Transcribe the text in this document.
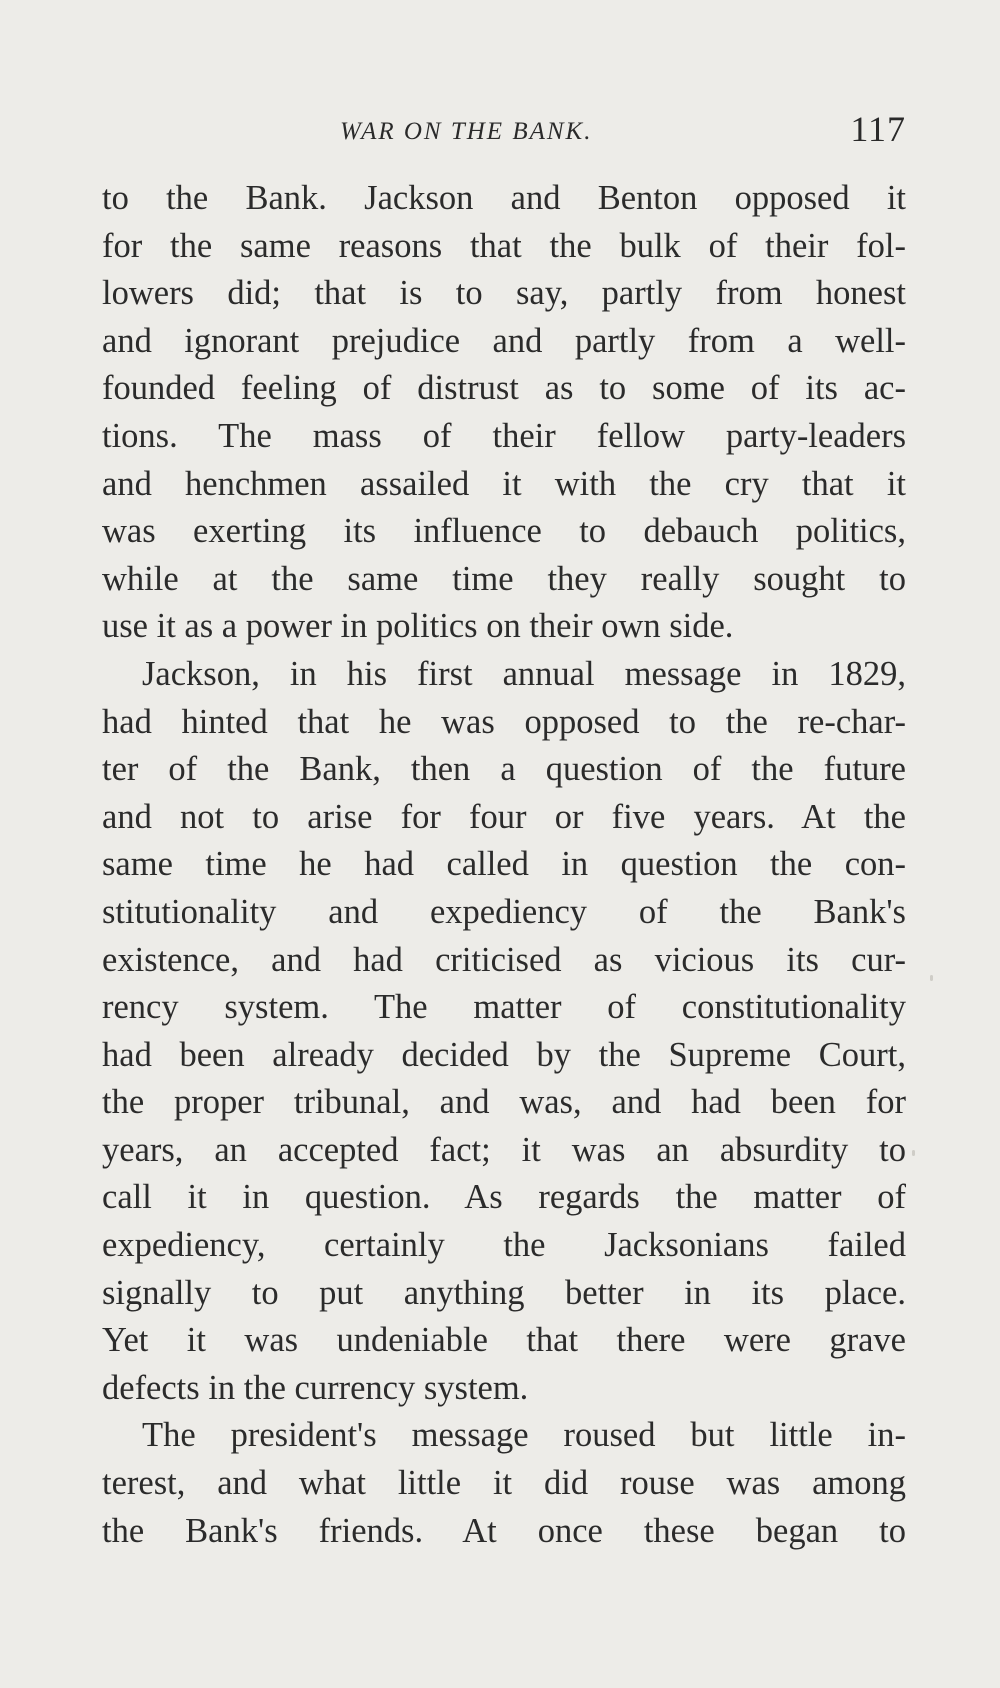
WAR ON THE BANK.	117
to the Bank. Jackson and Benton opposed it
for the same reasons that the bulk of their fol-
lowers did; that is to say, partly from honest
and ignorant prejudice and partly from a well-
founded feeling of distrust as to some of its ac-
tions. The mass of their fellow party-leaders
and henchmen assailed it with the cry that it
was exerting its influence to debauch politics,
while at the same time they really sought to
use it as a power in politics on their own side.
Jackson, in his first annual message in 1829,
had hinted that he was opposed to the re-char-
ter of the Bank, then a question of the future
and not to arise for four or five years. At the
same time he had called in question the con-
stitutionality and expediency of the Bank's
existence, and had criticised as vicious its cur-
rency system. The matter of constitutionality
had been already decided by the Supreme Court,
the proper tribunal, and was, and had been for
years, an accepted fact; it was an absurdity to
call it in question. As regards the matter of
expediency, certainly the Jacksonians failed
signally to put anything better in its place.
Yet it was undeniable that there were grave
defects in the currency system.
The president's message roused but little in-
terest, and what little it did rouse was among
the Bank's friends. At once these began to
